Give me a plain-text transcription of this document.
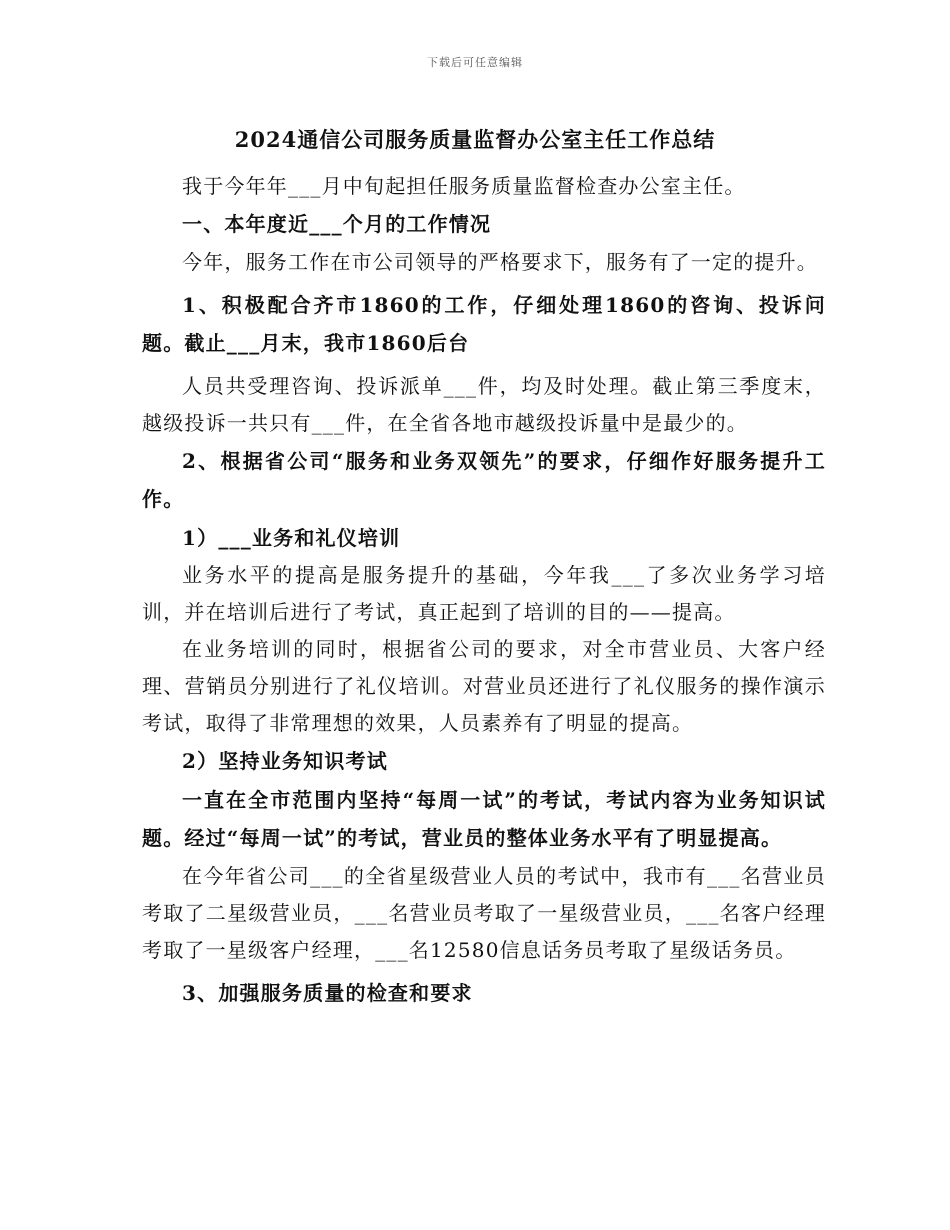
下载后可任意编辑
2024通信公司服务质量监督办公室主任工作总结

我于今年年___月中旬起担任服务质量监督检查办公室主任。

一、本年度近___个月的工作情况

今年，服务工作在市公司领导的严格要求下，服务有了一定的提升。

1、积极配合齐市1860的工作，仔细处理1860的咨询、投诉问题。截止___月末，我市1860后台

人员共受理咨询、投诉派单___件，均及时处理。截止第三季度末，越级投诉一共只有___件，在全省各地市越级投诉量中是最少的。

2、根据省公司“服务和业务双领先”的要求，仔细作好服务提升工作。

1）___业务和礼仪培训

业务水平的提高是服务提升的基础，今年我___了多次业务学习培训，并在培训后进行了考试，真正起到了培训的目的——提高。

在业务培训的同时，根据省公司的要求，对全市营业员、大客户经理、营销员分别进行了礼仪培训。对营业员还进行了礼仪服务的操作演示考试，取得了非常理想的效果，人员素养有了明显的提高。

2）坚持业务知识考试

一直在全市范围内坚持“每周一试”的考试，考试内容为业务知识试题。经过“每周一试”的考试，营业员的整体业务水平有了明显提高。

在今年省公司___的全省星级营业人员的考试中，我市有___名营业员考取了二星级营业员，___名营业员考取了一星级营业员，___名客户经理考取了一星级客户经理，___名12580信息话务员考取了星级话务员。

3、加强服务质量的检查和要求
